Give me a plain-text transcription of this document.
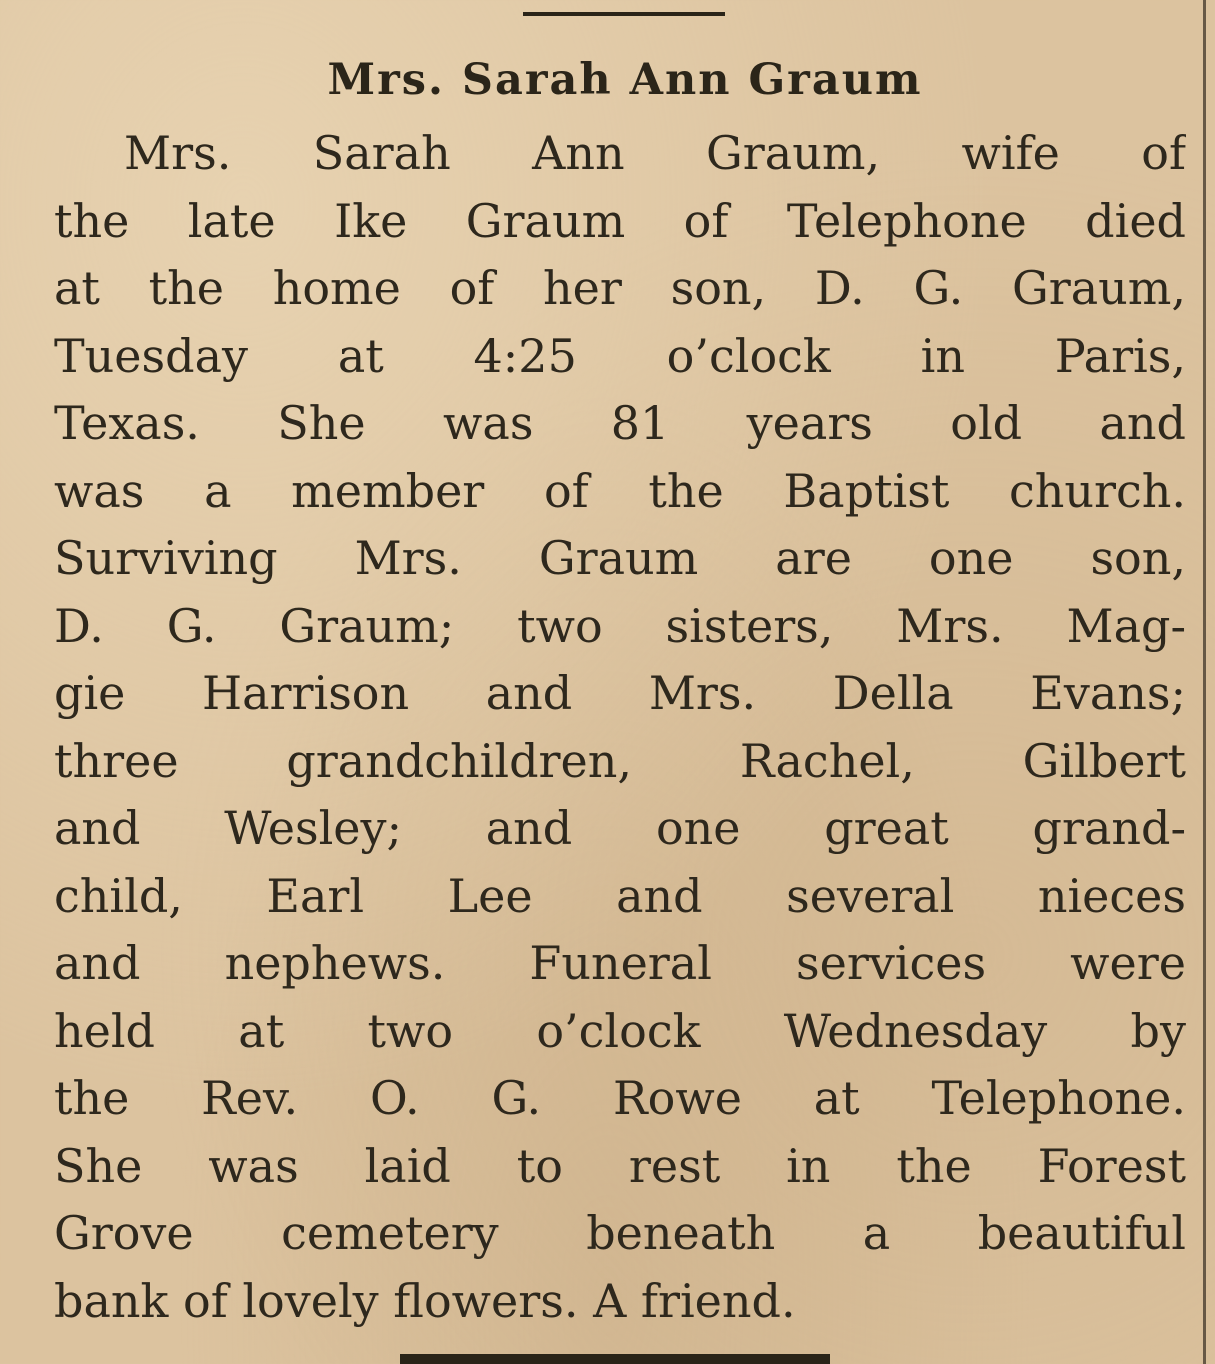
Mrs. Sarah Ann Graum
Mrs. Sarah Ann Graum, wife of
the late Ike Graum of Telephone died
at the home of her son, D. G. Graum,
Tuesday at 4:25 o’clock in Paris,
Texas. She was 81 years old and
was a member of the Baptist church.
Surviving Mrs. Graum are one son,
D. G. Graum; two sisters, Mrs. Mag-
gie Harrison and Mrs. Della Evans;
three grandchildren, Rachel, Gilbert
and Wesley; and one great grand-
child, Earl Lee and several nieces
and nephews. Funeral services were
held at two o’clock Wednesday by
the Rev. O. G. Rowe at Telephone.
She was laid to rest in the Forest
Grove cemetery beneath a beautiful
bank of lovely flowers. A friend.
